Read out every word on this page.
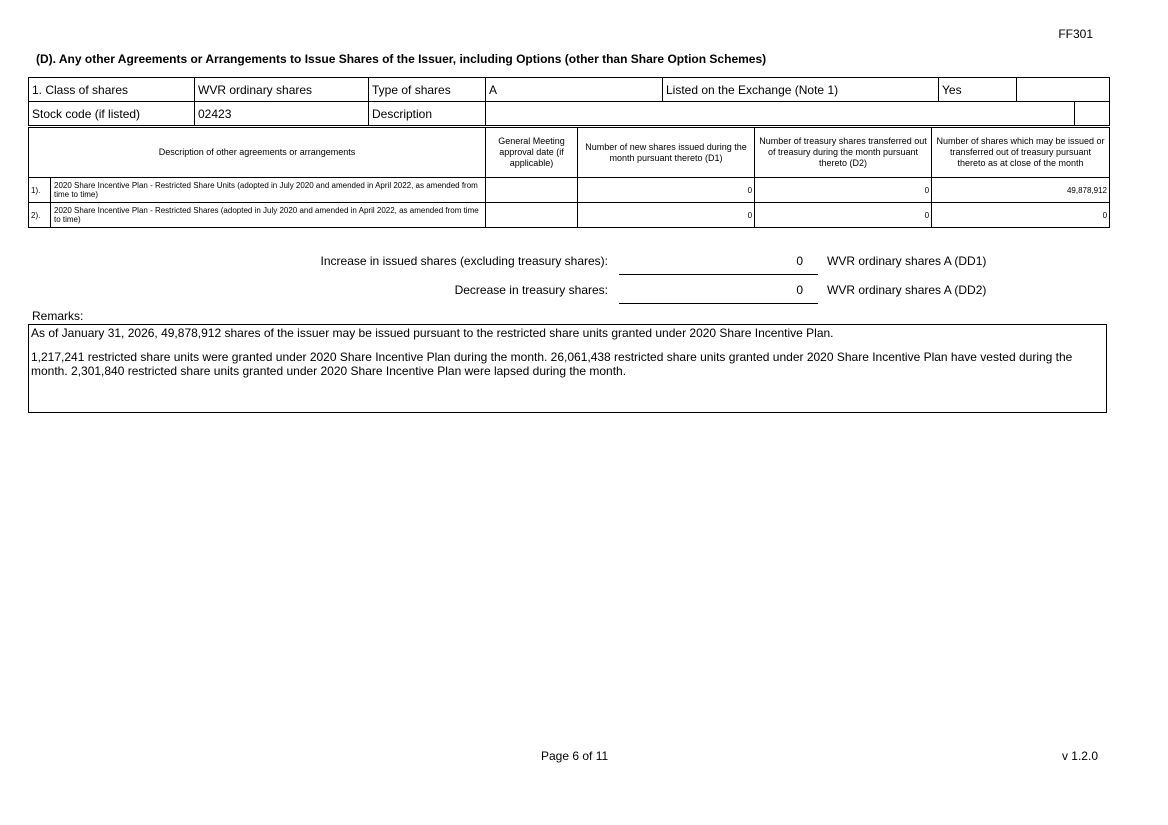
FF301
(D). Any other Agreements or Arrangements to Issue Shares of the Issuer, including Options (other than Share Option Schemes)
1. Class of shares	WVR ordinary shares	Type of shares	A	Listed on the Exchange (Note 1)	Yes		
Stock code (if listed)	02423	Description					
Description of other agreements or arrangements		General Meeting approval date (if applicable)	Number of new shares issued during the month pursuant thereto (D1)	Number of treasury shares transferred out of treasury during the month pursuant thereto (D2)	Number of shares which may be issued or transferred out of treasury pursuant thereto as at close of the month
1).	2020 Share Incentive Plan - Restricted Share Units (adopted in July 2020 and amended in April 2022, as amended from time to time)		0	0	49,878,912
2).	2020 Share Incentive Plan - Restricted Shares (adopted in July 2020 and amended in April 2022, as amended from time to time)		0	0	0
Increase in issued shares (excluding treasury shares):	0 WVR ordinary shares A (DD1)
Decrease in treasury shares:	0 WVR ordinary shares A (DD2)
Remarks:

As of January 31, 2026, 49,878,912 shares of the issuer may be issued pursuant to the restricted share units granted under 2020 Share Incentive Plan.

1,217,241 restricted share units were granted under 2020 Share Incentive Plan during the month. 26,061,438 restricted share units granted under 2020 Share Incentive Plan have vested during the month. 2,301,840 restricted share units granted under 2020 Share Incentive Plan were lapsed during the month.

Page 6 of 11	v 1.2.0
